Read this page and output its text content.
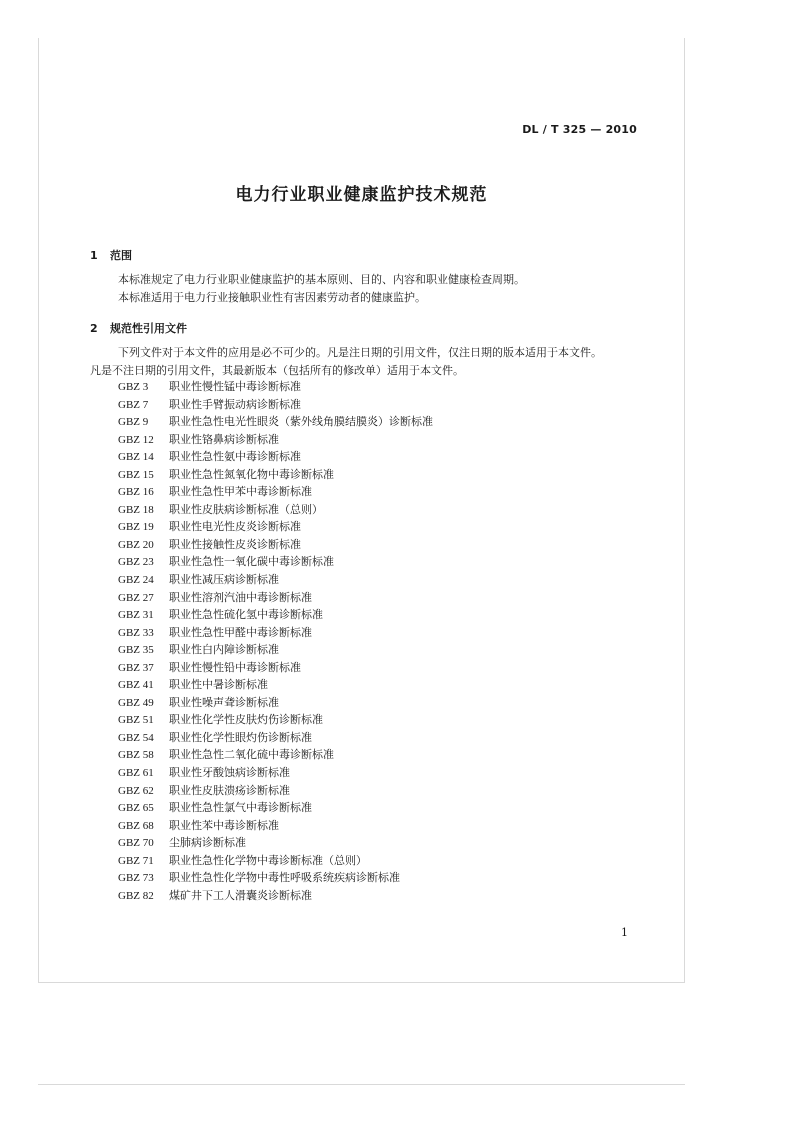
DL / T 325 — 2010
电力行业职业健康监护技术规范
1 范围
本标准规定了电力行业职业健康监护的基本原则、目的、内容和职业健康检查周期。
本标准适用于电力行业接触职业性有害因素劳动者的健康监护。
2 规范性引用文件
下列文件对于本文件的应用是必不可少的。凡是注日期的引用文件，仅注日期的版本适用于本文件。
凡是不注日期的引用文件，其最新版本（包括所有的修改单）适用于本文件。
GBZ 3 职业性慢性锰中毒诊断标准
GBZ 7 职业性手臂振动病诊断标准
GBZ 9 职业性急性电光性眼炎（紫外线角膜结膜炎）诊断标准
GBZ 12 职业性铬鼻病诊断标准
GBZ 14 职业性急性氨中毒诊断标准
GBZ 15 职业性急性氮氧化物中毒诊断标准
GBZ 16 职业性急性甲苯中毒诊断标准
GBZ 18 职业性皮肤病诊断标准（总则）
GBZ 19 职业性电光性皮炎诊断标准
GBZ 20 职业性接触性皮炎诊断标准
GBZ 23 职业性急性一氧化碳中毒诊断标准
GBZ 24 职业性减压病诊断标准
GBZ 27 职业性溶剂汽油中毒诊断标准
GBZ 31 职业性急性硫化氢中毒诊断标准
GBZ 33 职业性急性甲醛中毒诊断标准
GBZ 35 职业性白内障诊断标准
GBZ 37 职业性慢性铅中毒诊断标准
GBZ 41 职业性中暑诊断标准
GBZ 49 职业性噪声聋诊断标准
GBZ 51 职业性化学性皮肤灼伤诊断标准
GBZ 54 职业性化学性眼灼伤诊断标准
GBZ 58 职业性急性二氧化硫中毒诊断标准
GBZ 61 职业性牙酸蚀病诊断标准
GBZ 62 职业性皮肤溃疡诊断标准
GBZ 65 职业性急性氯气中毒诊断标准
GBZ 68 职业性苯中毒诊断标准
GBZ 70 尘肺病诊断标准
GBZ 71 职业性急性化学物中毒诊断标准（总则）
GBZ 73 职业性急性化学物中毒性呼吸系统疾病诊断标准
GBZ 82 煤矿井下工人滑囊炎诊断标准
1
